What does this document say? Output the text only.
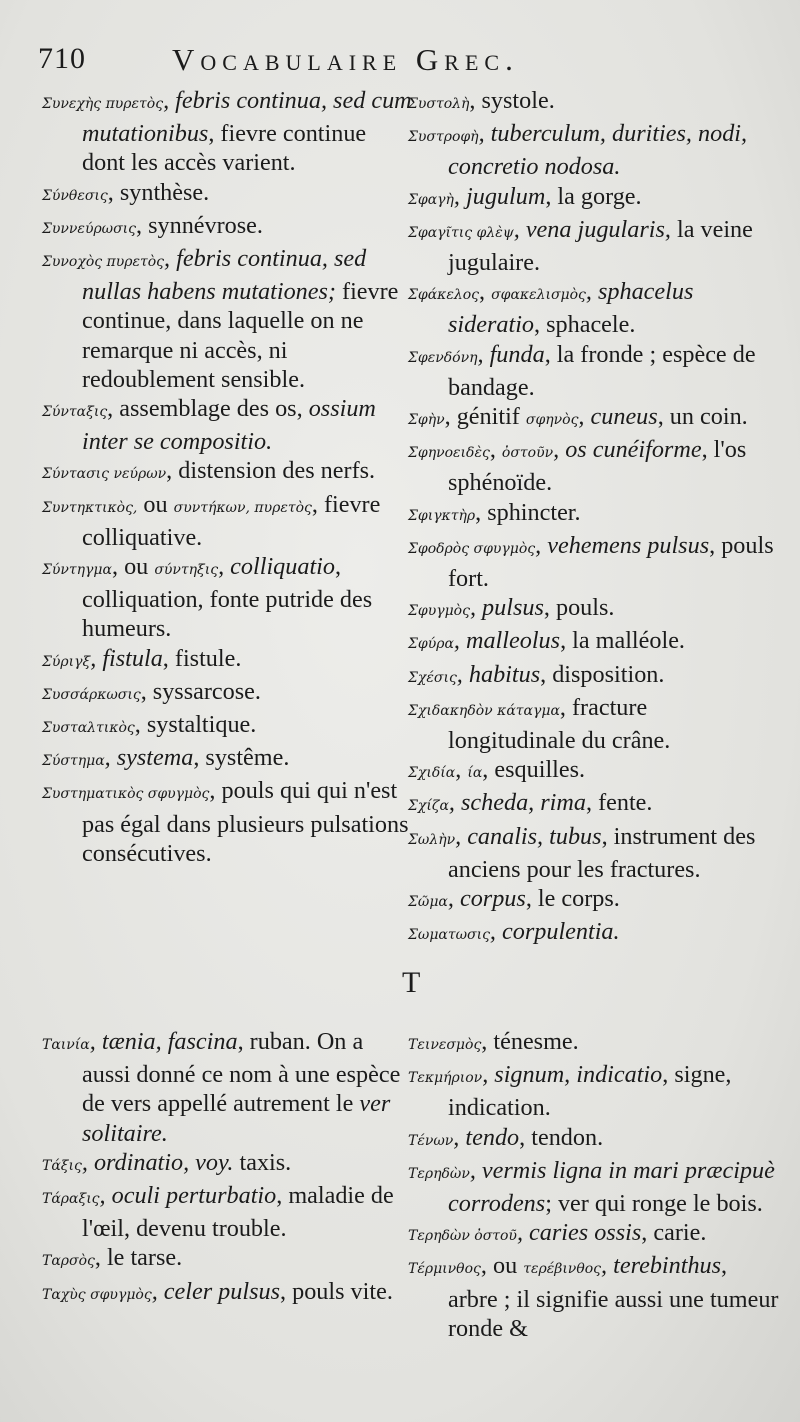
710	Vocabulaire Grec.
Συνεχὴς πυρετὸς, febris continua, sed cum mutationibus, fievre continue dont les accès varient.
Σύνθεσις, synthèse.
Συννεύρωσις, synnévrose.
Συνοχὸς πυρετὸς, febris continua, sed nullas habens mutationes; fievre continue, dans laquelle on ne remarque ni accès, ni redoublement sensible.
Σύνταξις, assemblage des os, ossium inter se compositio.
Σύντασις νεύρων, distension des nerfs.
Συντηκτικὸς, ou συντήκων, πυρετὸς, fievre colliquative.
Σύντηγμα, ou σύντηξις, colliquatio, colliquation, fonte putride des humeurs.
Σύριγξ, fistula, fistule.
Συσσάρκωσις, syssarcose.
Συσταλτικὸς, systaltique.
Σύστημα, systema, systême.
Συστηματικὸς σφυγμὸς, pouls qui qui n'est pas égal dans plusieurs pulsations consécutives.
Συστολὴ, systole.
Συστροφὴ, tuberculum, durities, nodi, concretio nodosa.
Σφαγὴ, jugulum, la gorge.
Σφαγῖτις φλὲψ, vena jugularis, la veine jugulaire.
Σφάκελος, σφακελισμὸς, sphacelus sideratio, sphacele.
Σφενδόνη, funda, la fronde ; espèce de bandage.
Σφὴν, génitif σφηνὸς, cuneus, un coin.
Σφηνοειδὲς, ὀστοῦν, os cunéiforme, l'os sphénoïde.
Σφιγκτὴρ, sphincter.
Σφοδρὸς σφυγμὸς, vehemens pulsus, pouls fort.
Σφυγμὸς, pulsus, pouls.
Σφύρα, malleolus, la malléole.
Σχέσις, habitus, disposition.
Σχιδακηδὸν κάταγμα, fracture longitudinale du crâne.
Σχιδία, ία, esquilles.
Σχίζα, scheda, rima, fente.
Σωλὴν, canalis, tubus, instrument des anciens pour les fractures.
Σῶμα, corpus, le corps.
Σωματωσις, corpulentia.
T
Ταινία, tænia, fascina, ruban. On a aussi donné ce nom à une espèce de vers appellé autrement le ver solitaire.
Τάξις, ordinatio, voy. taxis.
Τάραξις, oculi perturbatio, maladie de l'œil, devenu trouble.
Ταρσὸς, le tarse.
Ταχὺς σφυγμὸς, celer pulsus, pouls vite.
Τεινεσμὸς, ténesme.
Τεκμήριον, signum, indicatio, signe, indication.
Τένων, tendo, tendon.
Τερηδὼν, vermis ligna in mari præcipuè corrodens; ver qui ronge le bois.
Τερηδὼν ὀστοῦ, caries ossis, carie.
Τέρμινθος, ou τερέβινθος, terebinthus, arbre ; il signifie aussi une tumeur ronde &
